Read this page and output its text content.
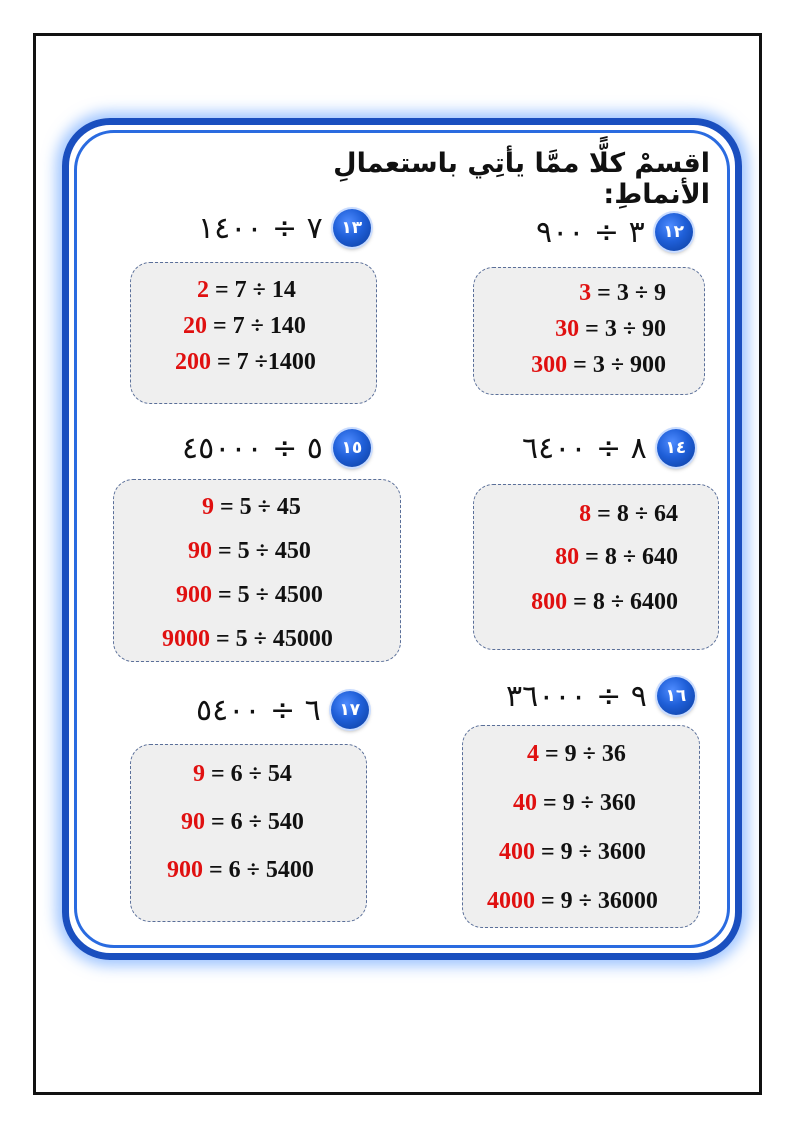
اقسمْ كلًّا ممَّا يأتِي باستعمالِ الأنماطِ:
٣ ÷ ٩٠٠	١٢
3 = 3 ÷ 9
30 = 3 ÷ 90
300 = 3 ÷ 900
٧ ÷ ١٤٠٠	١٣
2 = 7 ÷ 14
20 = 7 ÷ 140
200 = 7 ÷1400
٨ ÷ ٦٤٠٠	١٤
8 = 8 ÷ 64
80 = 8 ÷ 640
800 = 8 ÷ 6400
٥ ÷ ٤٥٠٠٠	١٥
9 = 5 ÷ 45
90 = 5 ÷ 450
900 = 5 ÷ 4500
9000 = 5 ÷ 45000
٩ ÷ ٣٦٠٠٠	١٦
4 = 9 ÷ 36
40 = 9 ÷ 360
400 = 9 ÷ 3600
4000 = 9 ÷ 36000
٦ ÷ ٥٤٠٠	١٧
9 = 6 ÷ 54
90 = 6 ÷ 540
900 = 6 ÷ 5400
